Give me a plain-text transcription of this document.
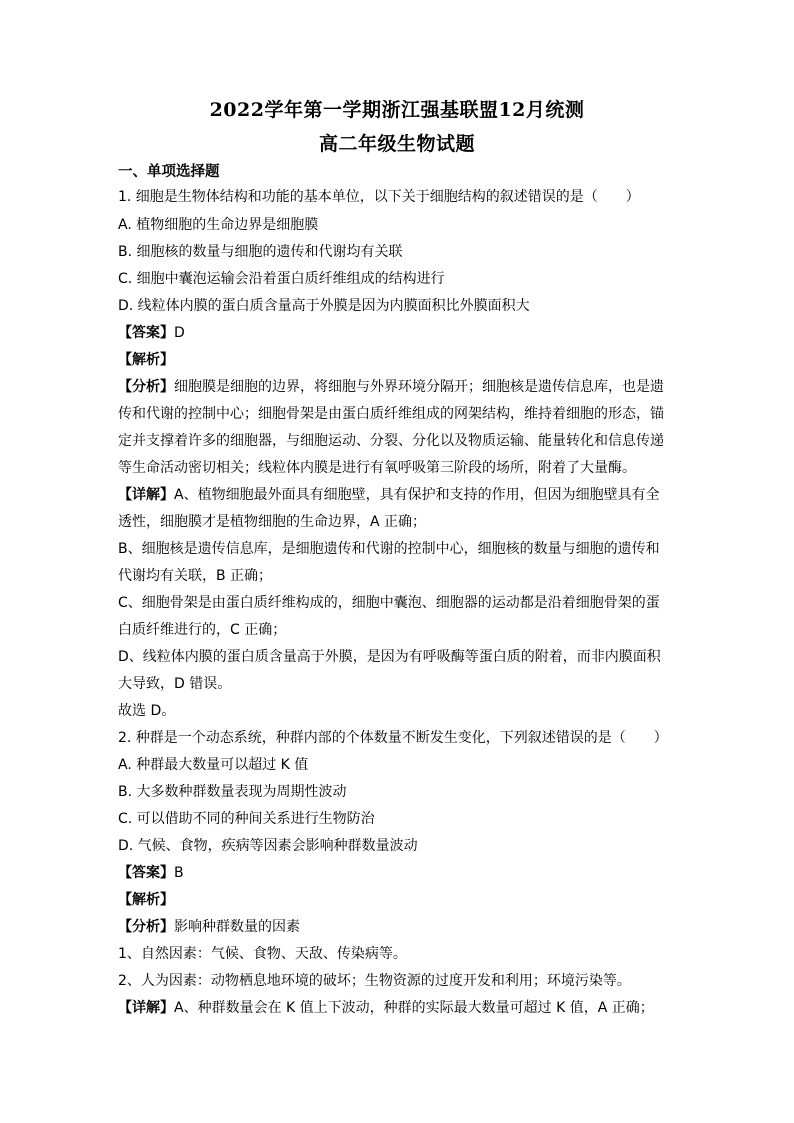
2022学年第一学期浙江强基联盟12月统测
高二年级生物试题
一、单项选择题
1. 细胞是生物体结构和功能的基本单位，以下关于细胞结构的叙述错误的是（　　）
A. 植物细胞的生命边界是细胞膜
B. 细胞核的数量与细胞的遗传和代谢均有关联
C. 细胞中囊泡运输会沿着蛋白质纤维组成的结构进行
D. 线粒体内膜的蛋白质含量高于外膜是因为内膜面积比外膜面积大
【答案】D
【解析】
【分析】细胞膜是细胞的边界，将细胞与外界环境分隔开；细胞核是遗传信息库，也是遗
传和代谢的控制中心；细胞骨架是由蛋白质纤维组成的网架结构，维持着细胞的形态，锚
定并支撑着许多的细胞器，与细胞运动、分裂、分化以及物质运输、能量转化和信息传递
等生命活动密切相关；线粒体内膜是进行有氧呼吸第三阶段的场所，附着了大量酶。
【详解】A、植物细胞最外面具有细胞壁，具有保护和支持的作用，但因为细胞壁具有全
透性，细胞膜才是植物细胞的生命边界，A 正确；
B、细胞核是遗传信息库，是细胞遗传和代谢的控制中心，细胞核的数量与细胞的遗传和
代谢均有关联，B 正确；
C、细胞骨架是由蛋白质纤维构成的，细胞中囊泡、细胞器的运动都是沿着细胞骨架的蛋
白质纤维进行的，C 正确；
D、线粒体内膜的蛋白质含量高于外膜，是因为有呼吸酶等蛋白质的附着，而非内膜面积
大导致，D 错误。
故选 D。
2. 种群是一个动态系统，种群内部的个体数量不断发生变化，下列叙述错误的是（　　）
A. 种群最大数量可以超过 K 值
B. 大多数种群数量表现为周期性波动
C. 可以借助不同的种间关系进行生物防治
D. 气候、食物，疾病等因素会影响种群数量波动
【答案】B
【解析】
【分析】影响种群数量的因素
1、自然因素：气候、食物、天敌、传染病等。
2、人为因素：动物栖息地环境的破坏；生物资源的过度开发和利用；环境污染等。
【详解】A、种群数量会在 K 值上下波动，种群的实际最大数量可超过 K 值，A 正确；
